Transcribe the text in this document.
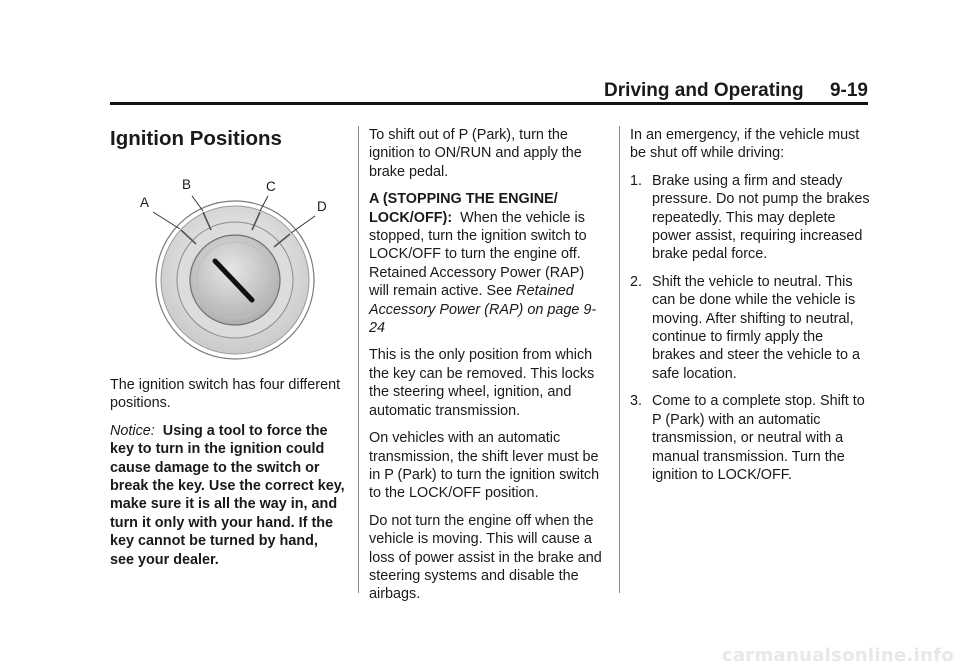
Driving and Operating     9-19
Ignition Positions
A
B	C
D

The ignition switch has four different positions.

Notice: Using a tool to force the key to turn in the ignition could cause damage to the switch or break the key. Use the correct key, make sure it is all the way in, and turn it only with your hand. If the key cannot be turned by hand, see your dealer.

To shift out of P (Park), turn the ignition to ON/RUN and apply the brake pedal.

A (STOPPING THE ENGINE/ LOCK/OFF): When the vehicle is stopped, turn the ignition switch to LOCK/OFF to turn the engine off. Retained Accessory Power (RAP) will remain active. See Retained Accessory Power (RAP) on page 9-24

This is the only position from which the key can be removed. This locks the steering wheel, ignition, and automatic transmission.

On vehicles with an automatic transmission, the shift lever must be in P (Park) to turn the ignition switch to the LOCK/OFF position.

Do not turn the engine off when the vehicle is moving. This will cause a loss of power assist in the brake and steering systems and disable the airbags.

In an emergency, if the vehicle must be shut off while driving:

1. Brake using a firm and steady pressure. Do not pump the brakes repeatedly. This may deplete power assist, requiring increased brake pedal force.
2. Shift the vehicle to neutral. This can be done while the vehicle is moving. After shifting to neutral, continue to firmly apply the brakes and steer the vehicle to a safe location.
3. Come to a complete stop. Shift to P (Park) with an automatic transmission, or neutral with a manual transmission. Turn the ignition to LOCK/OFF.
carmanualsonline.info
